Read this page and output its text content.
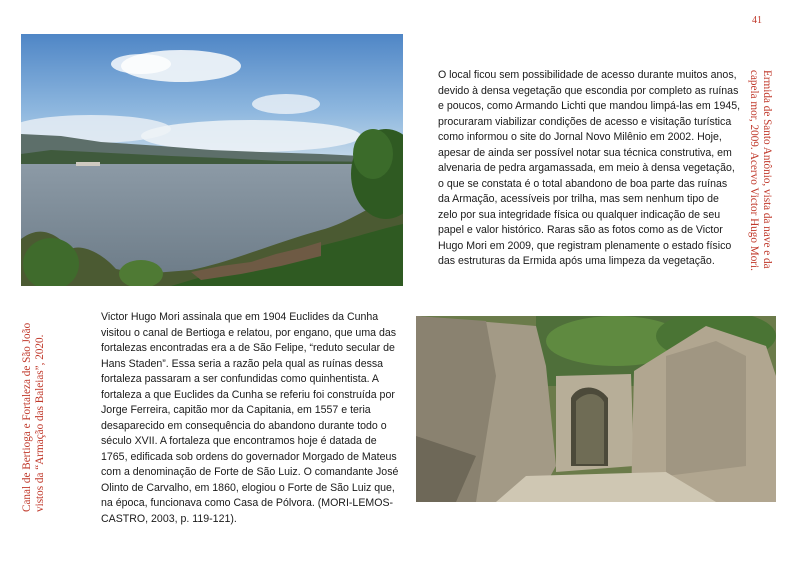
41

O local ficou sem possibilidade de acesso durante muitos anos, devido à densa vegetação que escondia por completo as ruínas e poucos, como Armando Lichti que mandou limpá-las em 1945, procuraram viabilizar condições de acesso e visitação turística como informou o site do Jornal Novo Milênio em 2002. Hoje, apesar de ainda ser possível notar sua técnica construtiva, em alvenaria de pedra argamassada, em meio à densa vegetação, o que se constata é o total abandono de boa parte das ruínas da Armação, acessíveis por trilha, mas sem nenhum tipo de zelo por sua integridade física ou qualquer indicação de seu papel e valor histórico. Raras são as fotos como as de Victor Hugo Mori em 2009, que registram plenamente o estado físico das estruturas da Ermida após uma limpeza da vegetação.	Ermida de Santo Antônio, vista da nave e da
capela mor, 2009. Acervo Victor Hugo Mori.
Canal de Bertioga e Fortaleza de São João vistos da “Armação das Baleias”, 2020.

Victor Hugo Mori assinala que em 1904 Euclides da Cunha visitou o canal de Bertioga e relatou, por engano, que uma das fortalezas encontradas era a de São Felipe, “reduto secular de Hans Staden”. Essa seria a razão pela qual as ruínas dessa fortaleza passaram a ser confundidas como quinhentista. A fortaleza a que Euclides da Cunha se referiu foi construída por Jorge Ferreira, capitão mor da Capitania, em 1557 e teria desaparecido em consequência do abandono durante todo o século XVII. A fortaleza que encontramos hoje é datada de 1765, edificada sob ordens do governador Morgado de Mateus com a denominação de Forte de São Luiz. O comandante José Olinto de Carvalho, em 1860, elogiou o Forte de São Luiz que, na época, funcionava como Casa de Pólvora. (MORI-LEMOS-CASTRO, 2003, p. 119-121).
